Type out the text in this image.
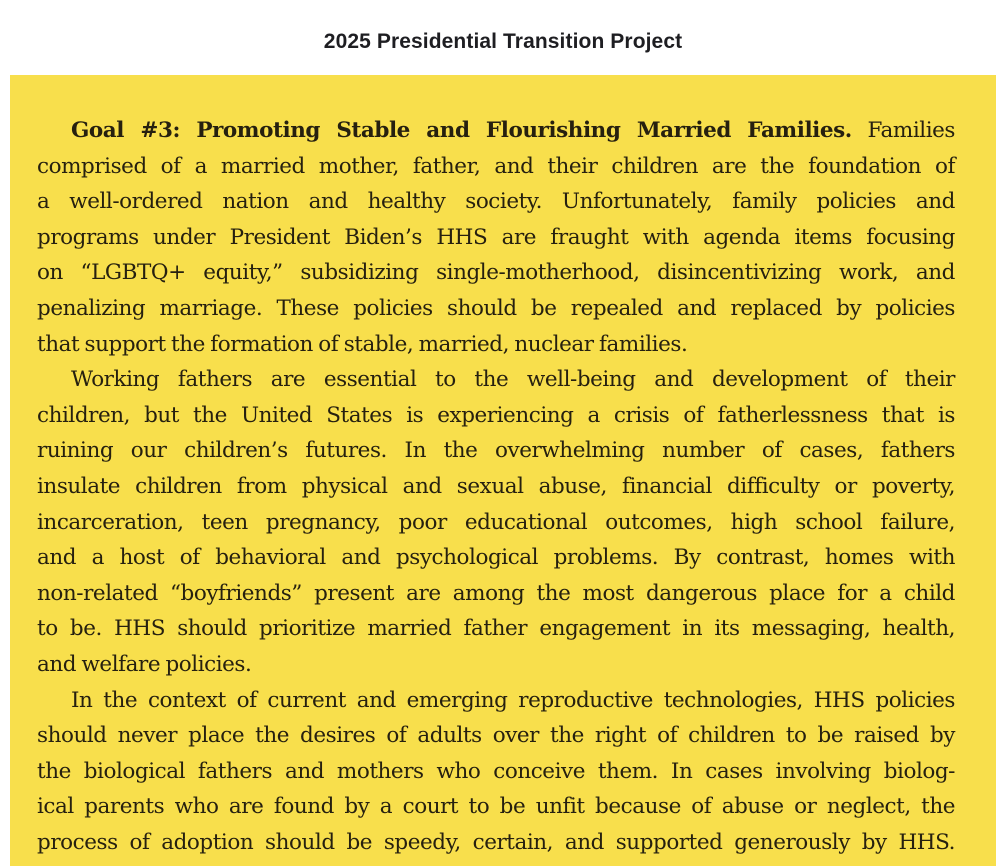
2025 Presidential Transition Project
Goal #3: Promoting Stable and Flourishing Married Families. Families
comprised of a married mother, father, and their children are the foundation of
a well-ordered nation and healthy society. Unfortunately, family policies and
programs under President Biden’s HHS are fraught with agenda items focusing
on “LGBTQ+ equity,” subsidizing single-motherhood, disincentivizing work, and
penalizing marriage. These policies should be repealed and replaced by policies
that support the formation of stable, married, nuclear families.
Working fathers are essential to the well-being and development of their
children, but the United States is experiencing a crisis of fatherlessness that is
ruining our children’s futures. In the overwhelming number of cases, fathers
insulate children from physical and sexual abuse, financial difficulty or poverty,
incarceration, teen pregnancy, poor educational outcomes, high school failure,
and a host of behavioral and psychological problems. By contrast, homes with
non-related “boyfriends” present are among the most dangerous place for a child
to be. HHS should prioritize married father engagement in its messaging, health,
and welfare policies.
In the context of current and emerging reproductive technologies, HHS policies
should never place the desires of adults over the right of children to be raised by
the biological fathers and mothers who conceive them. In cases involving biolog-
ical parents who are found by a court to be unfit because of abuse or neglect, the
process of adoption should be speedy, certain, and supported generously by HHS.
